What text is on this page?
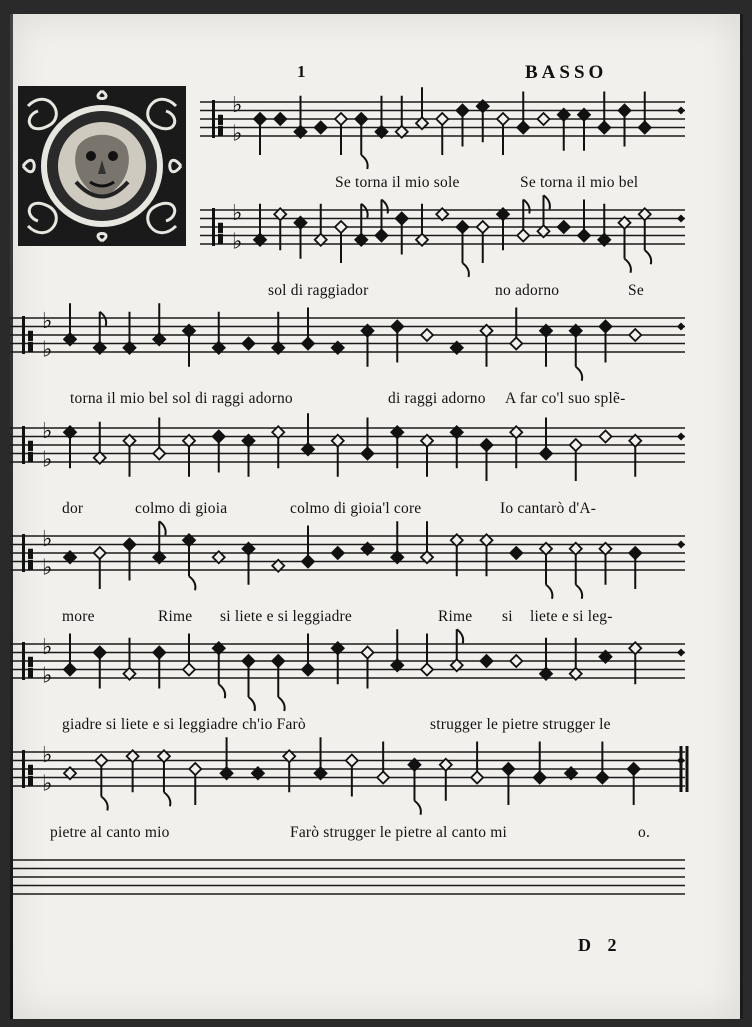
1	BASSO
♭
♭
♭
♭
♭
♭
♭
♭
♭
♭
♭
♭
♭
♭
Se torna il mio sole	Se torna il mio bel
sol di raggiador	no adorno	Se
torna il mio bel sol di raggi adorno	di raggi adorno A far co'l suo splẽ-
dor	colmo di gioia	colmo di gioia'l core	Io cantarò d'A-
more	Rime si liete e si leggiadre	Rime si liete e si leg-
giadre si liete e si leggiadre ch'io Farò	strugger le pietre strugger le
pietre al canto mio	Farò strugger le pietre al canto mi	o.
D 2
